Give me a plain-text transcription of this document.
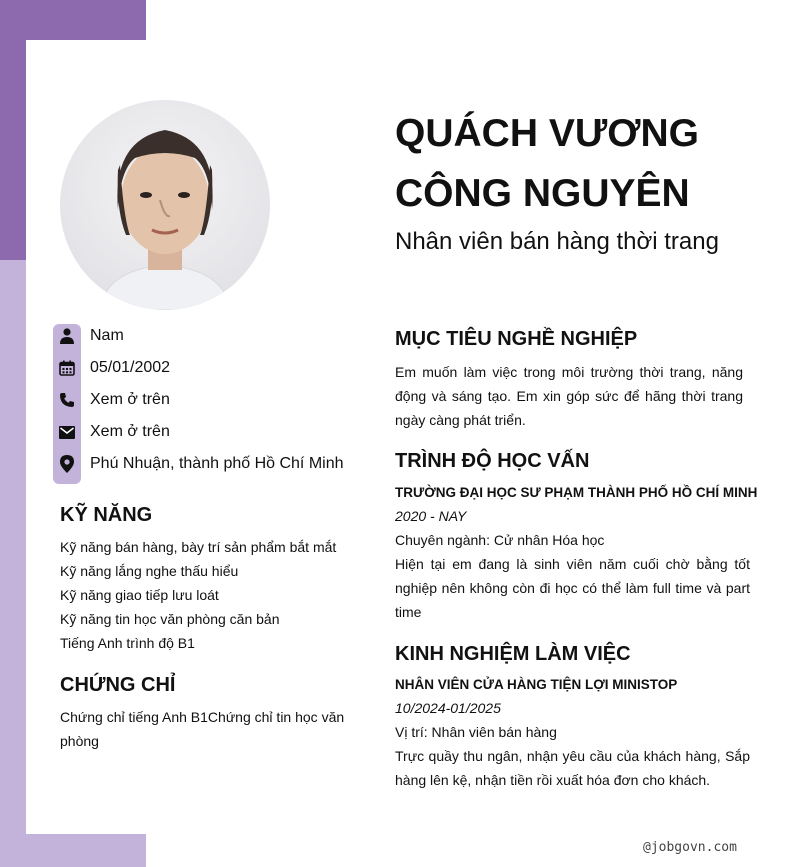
QUÁCH VƯƠNG
CÔNG NGUYÊN
Nhân viên bán hàng thời trang
Nam
05/01/2002
Xem ở trên
Xem ở trên
Phú Nhuận, thành phố Hồ Chí Minh
KỸ NĂNG
Kỹ năng bán hàng, bày trí sản phẩm bắt mắt
Kỹ năng lắng nghe thấu hiểu
Kỹ năng giao tiếp lưu loát
Kỹ năng tin học văn phòng căn bản
Tiếng Anh trình độ B1
CHỨNG CHỈ
Chứng chỉ tiếng Anh B1Chứng chỉ tin học văn phòng
MỤC TIÊU NGHỀ NGHIỆP
Em muốn làm việc trong môi trường thời trang, năng động và sáng tạo. Em xin góp sức để hãng thời trang ngày càng phát triển.
TRÌNH ĐỘ HỌC VẤN
TRƯỜNG ĐẠI HỌC SƯ PHẠM THÀNH PHỐ HỒ CHÍ MINH
2020 - NAY
Chuyên ngành: Cử nhân Hóa học
Hiện tại em đang là sinh viên năm cuối chờ bằng tốt nghiệp nên không còn đi học có thể làm full time và part time
KINH NGHIỆM LÀM VIỆC
NHÂN VIÊN CỬA HÀNG TIỆN LỢI MINISTOP
10/2024-01/2025
Vị trí: Nhân viên bán hàng
Trực quầy thu ngân, nhận yêu cầu của khách hàng, Sắp hàng lên kệ, nhận tiền rồi xuất hóa đơn cho khách.
@jobgovn.com
